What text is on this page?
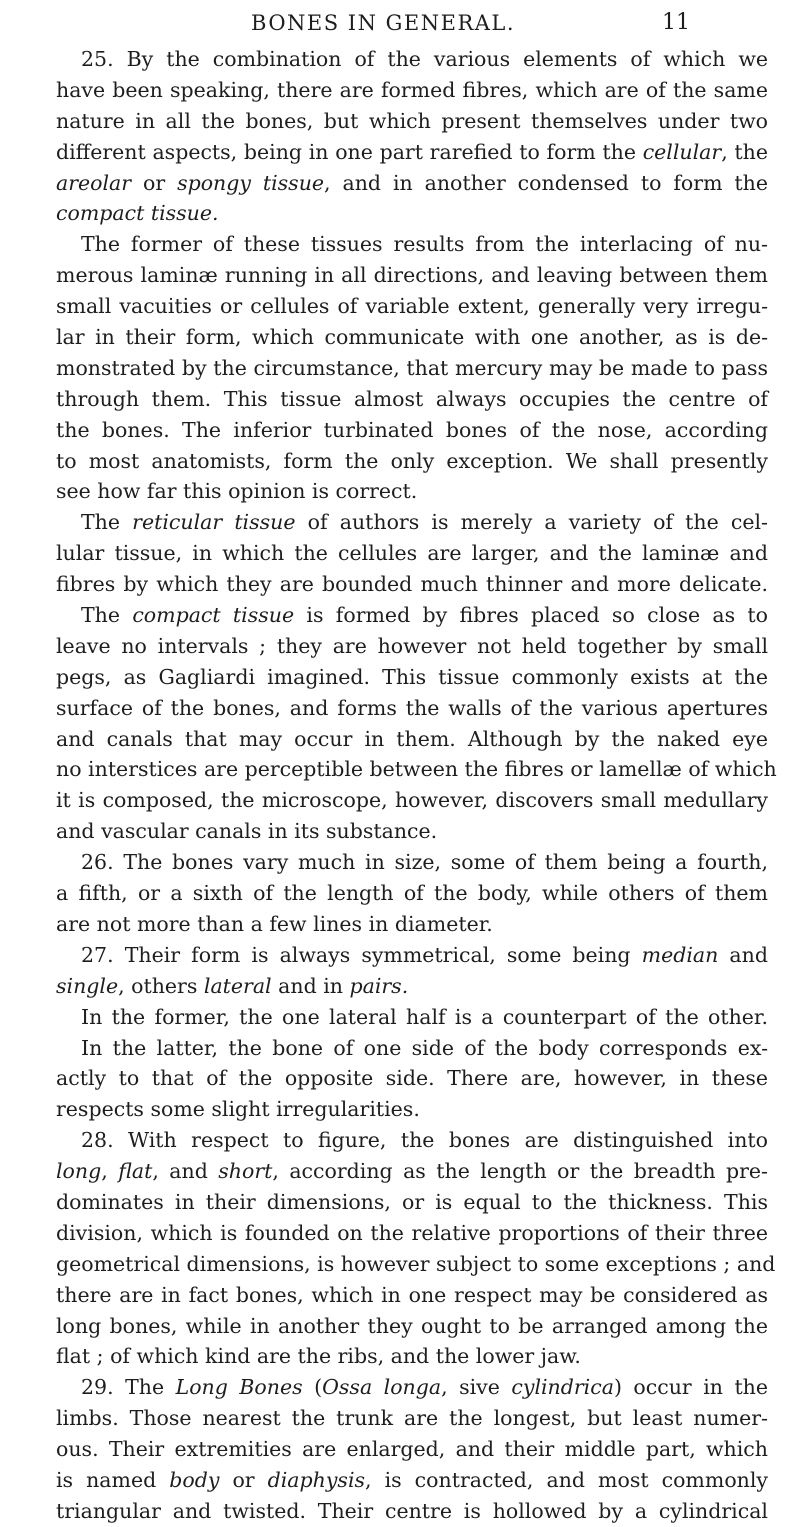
BONES IN GENERAL.	11
25. By the combination of the various elements of which we
have been speaking, there are formed fibres, which are of the same
nature in all the bones, but which present themselves under two
different aspects, being in one part rarefied to form the cellular, the
areolar or spongy tissue, and in another condensed to form the
compact tissue.
The former of these tissues results from the interlacing of nu-
merous laminæ running in all directions, and leaving between them
small vacuities or cellules of variable extent, generally very irregu-
lar in their form, which communicate with one another, as is de-
monstrated by the circumstance, that mercury may be made to pass
through them. This tissue almost always occupies the centre of
the bones. The inferior turbinated bones of the nose, according
to most anatomists, form the only exception. We shall presently
see how far this opinion is correct.
The reticular tissue of authors is merely a variety of the cel-
lular tissue, in which the cellules are larger, and the laminæ and
fibres by which they are bounded much thinner and more delicate.
The compact tissue is formed by fibres placed so close as to
leave no intervals ; they are however not held together by small
pegs, as Gagliardi imagined. This tissue commonly exists at the
surface of the bones, and forms the walls of the various apertures
and canals that may occur in them. Although by the naked eye
no interstices are perceptible between the fibres or lamellæ of which
it is composed, the microscope, however, discovers small medullary
and vascular canals in its substance.
26. The bones vary much in size, some of them being a fourth,
a fifth, or a sixth of the length of the body, while others of them
are not more than a few lines in diameter.
27. Their form is always symmetrical, some being median and
single, others lateral and in pairs.
In the former, the one lateral half is a counterpart of the other.
In the latter, the bone of one side of the body corresponds ex-
actly to that of the opposite side. There are, however, in these
respects some slight irregularities.
28. With respect to figure, the bones are distinguished into
long, flat, and short, according as the length or the breadth pre-
dominates in their dimensions, or is equal to the thickness. This
division, which is founded on the relative proportions of their three
geometrical dimensions, is however subject to some exceptions ; and
there are in fact bones, which in one respect may be considered as
long bones, while in another they ought to be arranged among the
flat ; of which kind are the ribs, and the lower jaw.
29. The Long Bones (Ossa longa, sive cylindrica) occur in the
limbs. Those nearest the trunk are the longest, but least numer-
ous. Their extremities are enlarged, and their middle part, which
is named body or diaphysis, is contracted, and most commonly
triangular and twisted. Their centre is hollowed by a cylindrical
